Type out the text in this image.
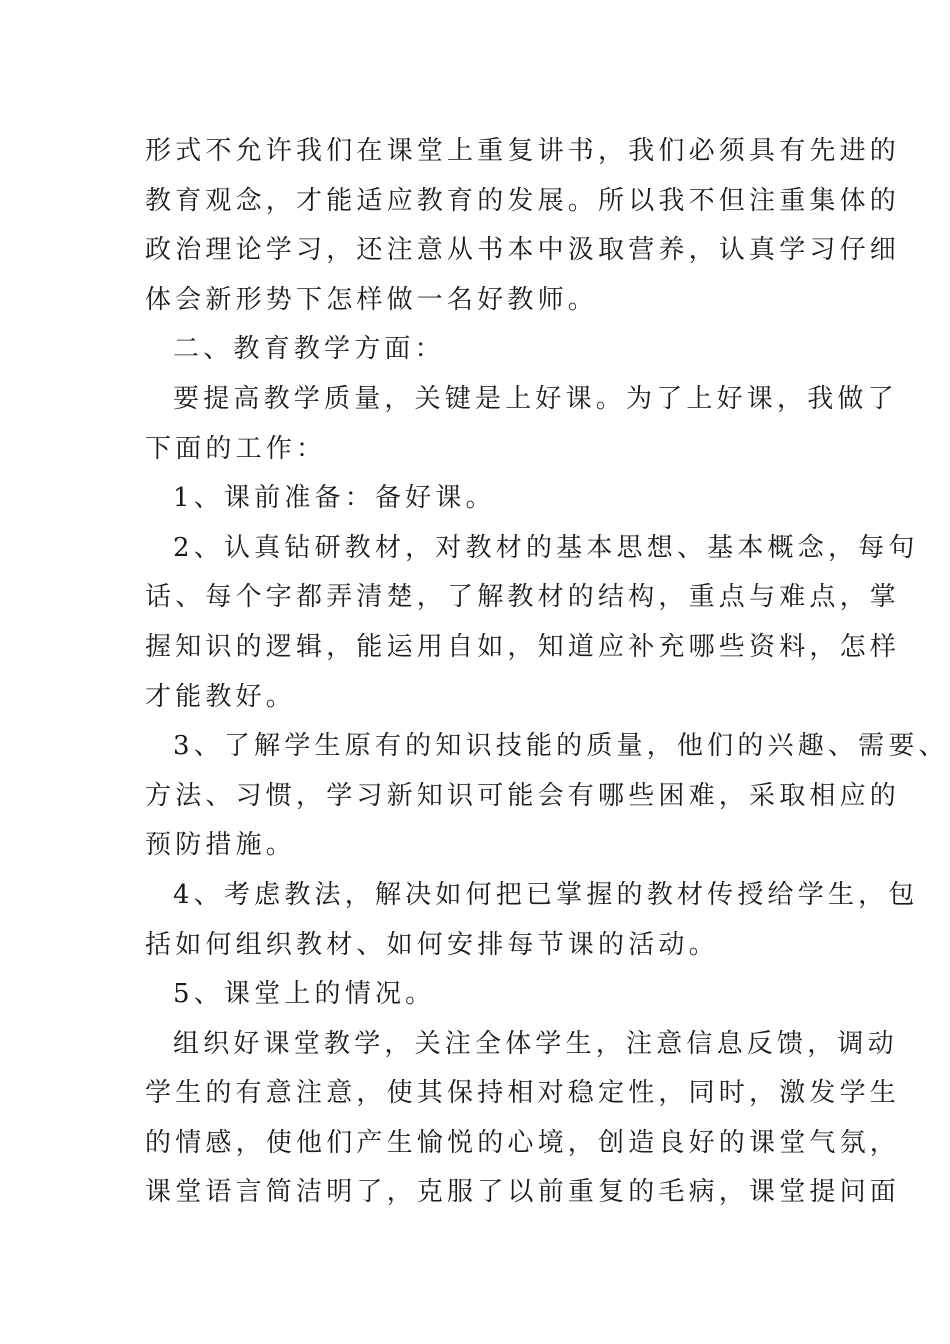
形式不允许我们在课堂上重复讲书，我们必须具有先进的
教育观念，才能适应教育的发展。所以我不但注重集体的
政治理论学习，还注意从书本中汲取营养，认真学习仔细
体会新形势下怎样做一名好教师。
二、教育教学方面：
要提高教学质量，关键是上好课。为了上好课，我做了
下面的工作：
1、课前准备：备好课。
2、认真钻研教材，对教材的基本思想、基本概念，每句
话、每个字都弄清楚，了解教材的结构，重点与难点，掌
握知识的逻辑，能运用自如，知道应补充哪些资料，怎样
才能教好。
3、了解学生原有的知识技能的质量，他们的兴趣、需要、
方法、习惯，学习新知识可能会有哪些困难，采取相应的
预防措施。
4、考虑教法，解决如何把已掌握的教材传授给学生，包
括如何组织教材、如何安排每节课的活动。
5、课堂上的情况。
组织好课堂教学，关注全体学生，注意信息反馈，调动
学生的有意注意，使其保持相对稳定性，同时，激发学生
的情感，使他们产生愉悦的心境，创造良好的课堂气氛，
课堂语言简洁明了，克服了以前重复的毛病，课堂提问面
